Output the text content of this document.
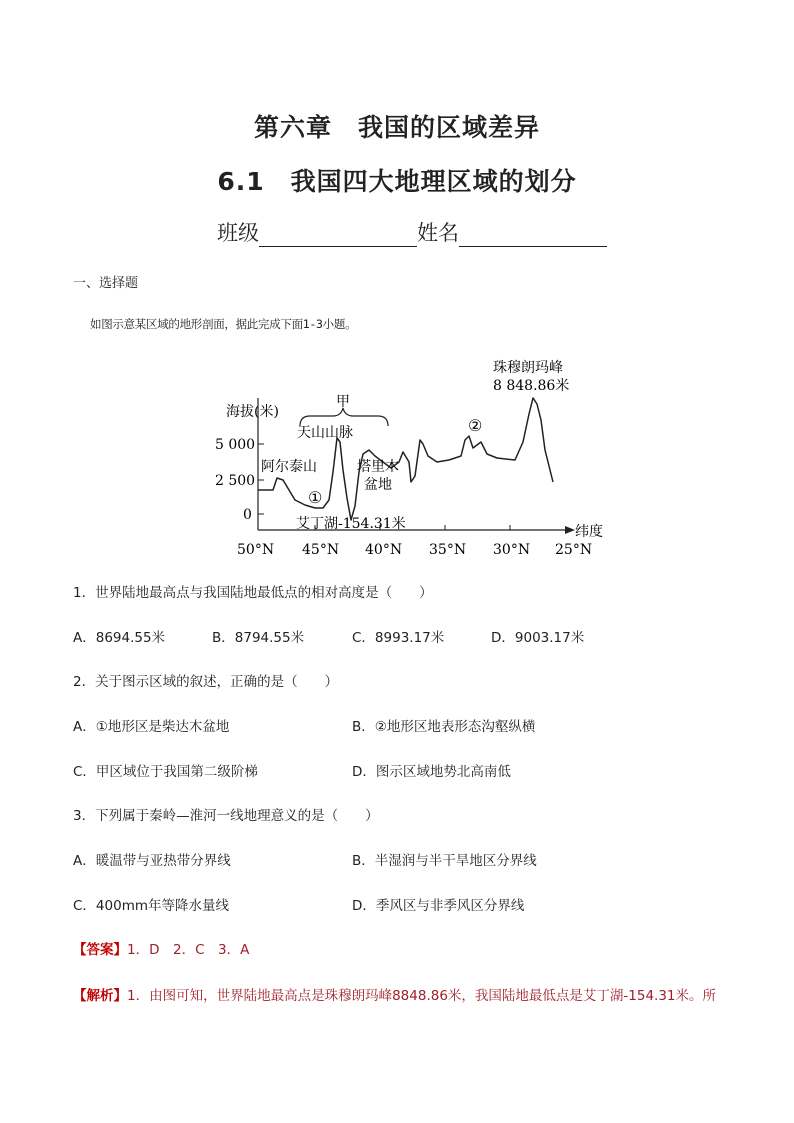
第六章　我国的区域差异
6.1　我国四大地理区域的划分
班级	姓名
一、选择题
如图示意某区域的地形剖面，据此完成下面1-3小题。
海拔(米)
5 000
2 500
0
50°N 45°N 40°N 35°N 30°N 25°N
纬度
甲
天山山脉
阿尔泰山	塔里木
盆地
①
②
艾丁湖-154.31米
珠穆朗玛峰
8 848.86米
1．世界陆地最高点与我国陆地最低点的相对高度是（　　）
A．8694.55米	B．8794.55米	C．8993.17米	D．9003.17米
2．关于图示区域的叙述，正确的是（　　）
A．①地形区是柴达木盆地	B．②地形区地表形态沟壑纵横
C．甲区域位于我国第二级阶梯	D．图示区域地势北高南低
3．下列属于秦岭—淮河一线地理意义的是（　　）
A．暖温带与亚热带分界线	B．半湿润与半干旱地区分界线
C．400mm年等降水量线	D．季风区与非季风区分界线
【答案】1．D　2．C　3．A
【解析】1．由图可知，世界陆地最高点是珠穆朗玛峰8848.86米，我国陆地最低点是艾丁湖-154.31米。所
